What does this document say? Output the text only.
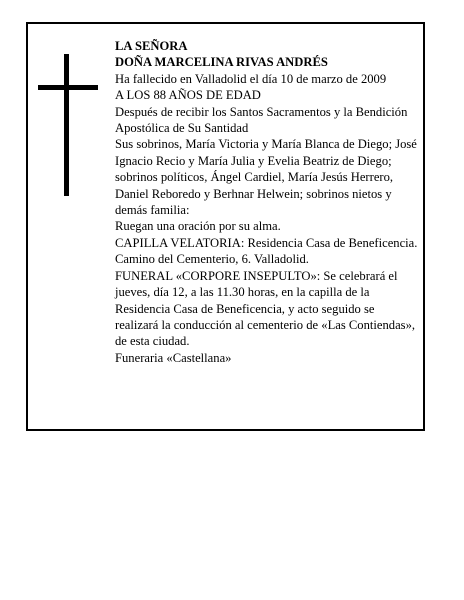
LA SEÑORA

DOÑA MARCELINA RIVAS ANDRÉS

Ha fallecido en Valladolid el día 10 de marzo de 2009

A LOS 88 AÑOS DE EDAD

Después de recibir los Santos Sacramentos y la Bendición Apostólica de Su Santidad

Sus sobrinos, María Victoria y María Blanca de Diego; José Ignacio Recio y María Julia y Evelia Beatriz de Diego; sobrinos políticos, Ángel Cardiel, María Jesús Herrero, Daniel Reboredo y Berhnar Helwein; sobrinos nietos y demás familia:

Ruegan una oración por su alma.

CAPILLA VELATORIA: Residencia Casa de Beneficencia. Camino del Cementerio, 6. Valladolid.

FUNERAL «CORPORE INSEPULTO»: Se celebrará el jueves, día 12, a las 11.30 horas, en la capilla de la Residencia Casa de Beneficencia, y acto seguido se realizará la conducción al cementerio de «Las Contiendas», de esta ciudad.

Funeraria «Castellana»
